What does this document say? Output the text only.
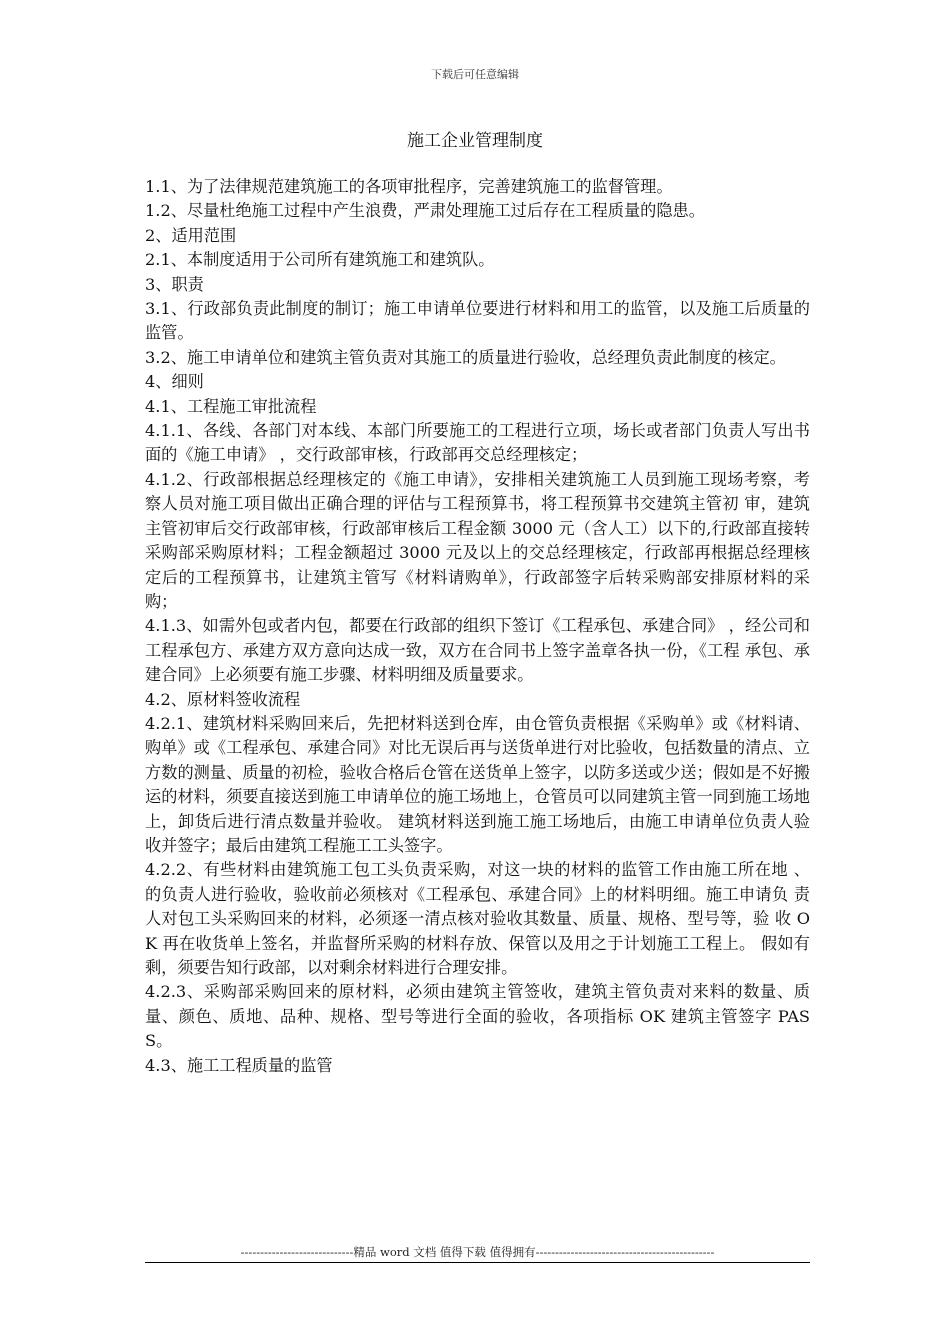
下载后可任意编辑
施工企业管理制度

1.1、为了法律规范建筑施工的各项审批程序，完善建筑施工的监督管理。

1.2、尽量杜绝施工过程中产生浪费，严肃处理施工过后存在工程质量的隐患。

2、适用范围

2.1、本制度适用于公司所有建筑施工和建筑队。

3、职责

3.1、行政部负责此制度的制订；施工申请单位要进行材料和用工的监管，以及施工后质量的监管。

3.2、施工申请单位和建筑主管负责对其施工的质量进行验收，总经理负责此制度的核定。

4、细则

4.1、工程施工审批流程

4.1.1、各线、各部门对本线、本部门所要施工的工程进行立项，场长或者部门负责人写出书面的《施工申请》 ，交行政部审核，行政部再交总经理核定；

4.1.2、行政部根据总经理核定的《施工申请》，安排相关建筑施工人员到施工现场考察，考 察人员对施工项目做出正确合理的评估与工程预算书，将工程预算书交建筑主管初 审，建筑主管初审后交行政部审核，行政部审核后工程金额 3000 元（含人工）以下的,行政部直接转采购部采购原材料；工程金额超过 3000 元及以上的交总经理核定，行政部再根据总经理核定后的工程预算书，让建筑主管写《材料请购单》，行政部签字后转采购部安排原材料的采购；

4.1.3、如需外包或者内包，都要在行政部的组织下签订《工程承包、承建合同》 ，经公司和工程承包方、承建方双方意向达成一致，双方在合同书上签字盖章各执一份，《工程 承包、承建合同》上必须要有施工步骤、材料明细及质量要求。

4.2、原材料签收流程

4.2.1、建筑材料采购回来后，先把材料送到仓库，由仓管负责根据《采购单》或《材料请、购单》或《工程承包、承建合同》对比无误后再与送货单进行对比验收，包括数量的清点、立方数的测量、质量的初检，验收合格后仓管在送货单上签字，以防多送或少送；假如是不好搬运的材料，须要直接送到施工申请单位的施工场地上，仓管员可以同建筑主管一同到施工场地上，卸货后进行清点数量并验收。 建筑材料送到施工施工场地后，由施工申请单位负责人验收并签字；最后由建筑工程施工工头签字。

4.2.2、有些材料由建筑施工包工头负责采购，对这一块的材料的监管工作由施工所在地 、 的负责人进行验收，验收前必须核对《工程承包、承建合同》上的材料明细。施工申请负 责人对包工头采购回来的材料，必须逐一清点核对验收其数量、质量、规格、型号等，验 收 OK 再在收货单上签名，并监督所采购的材料存放、保管以及用之于计划施工工程上。 假如有剩，须要告知行政部，以对剩余材料进行合理安排。

4.2.3、采购部采购回来的原材料，必须由建筑主管签收，建筑主管负责对来料的数量、质 量、颜色、质地、品种、规格、型号等进行全面的验收，各项指标 OK 建筑主管签字 PASS。

4.3、施工工程质量的监管

-----------------------------精品 word 文档 值得下载 值得拥有----------------------------------------------
